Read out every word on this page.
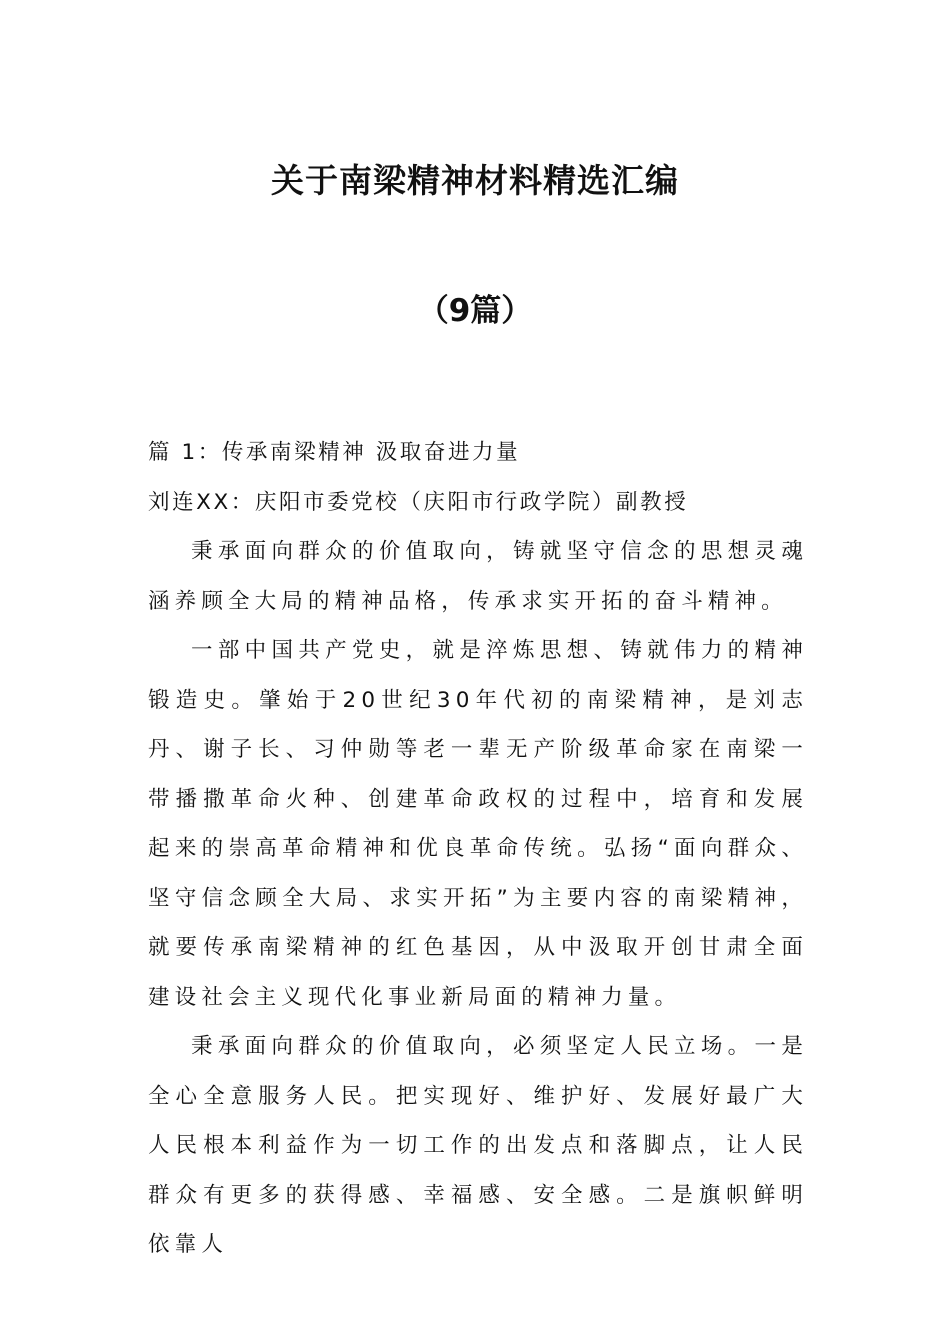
关于南梁精神材料精选汇编
（9篇）

篇 1：传承南梁精神 汲取奋进力量

刘连XX：庆阳市委党校（庆阳市行政学院）副教授

秉承面向群众的价值取向，铸就坚守信念的思想灵魂涵养顾全大局的精神品格，传承求实开拓的奋斗精神。

一部中国共产党史，就是淬炼思想、铸就伟力的精神锻造史。肇始于20世纪30年代初的南梁精神，是刘志丹、谢子长、习仲勋等老一辈无产阶级革命家在南梁一带播撒革命火种、创建革命政权的过程中，培育和发展起来的崇高革命精神和优良革命传统。弘扬“面向群众、坚守信念顾全大局、求实开拓”为主要内容的南梁精神，就要传承南梁精神的红色基因，从中汲取开创甘肃全面建设社会主义现代化事业新局面的精神力量。

秉承面向群众的价值取向，必须坚定人民立场。一是全心全意服务人民。把实现好、维护好、发展好最广大人民根本利益作为一切工作的出发点和落脚点，让人民群众有更多的获得感、幸福感、安全感。二是旗帜鲜明依靠人
